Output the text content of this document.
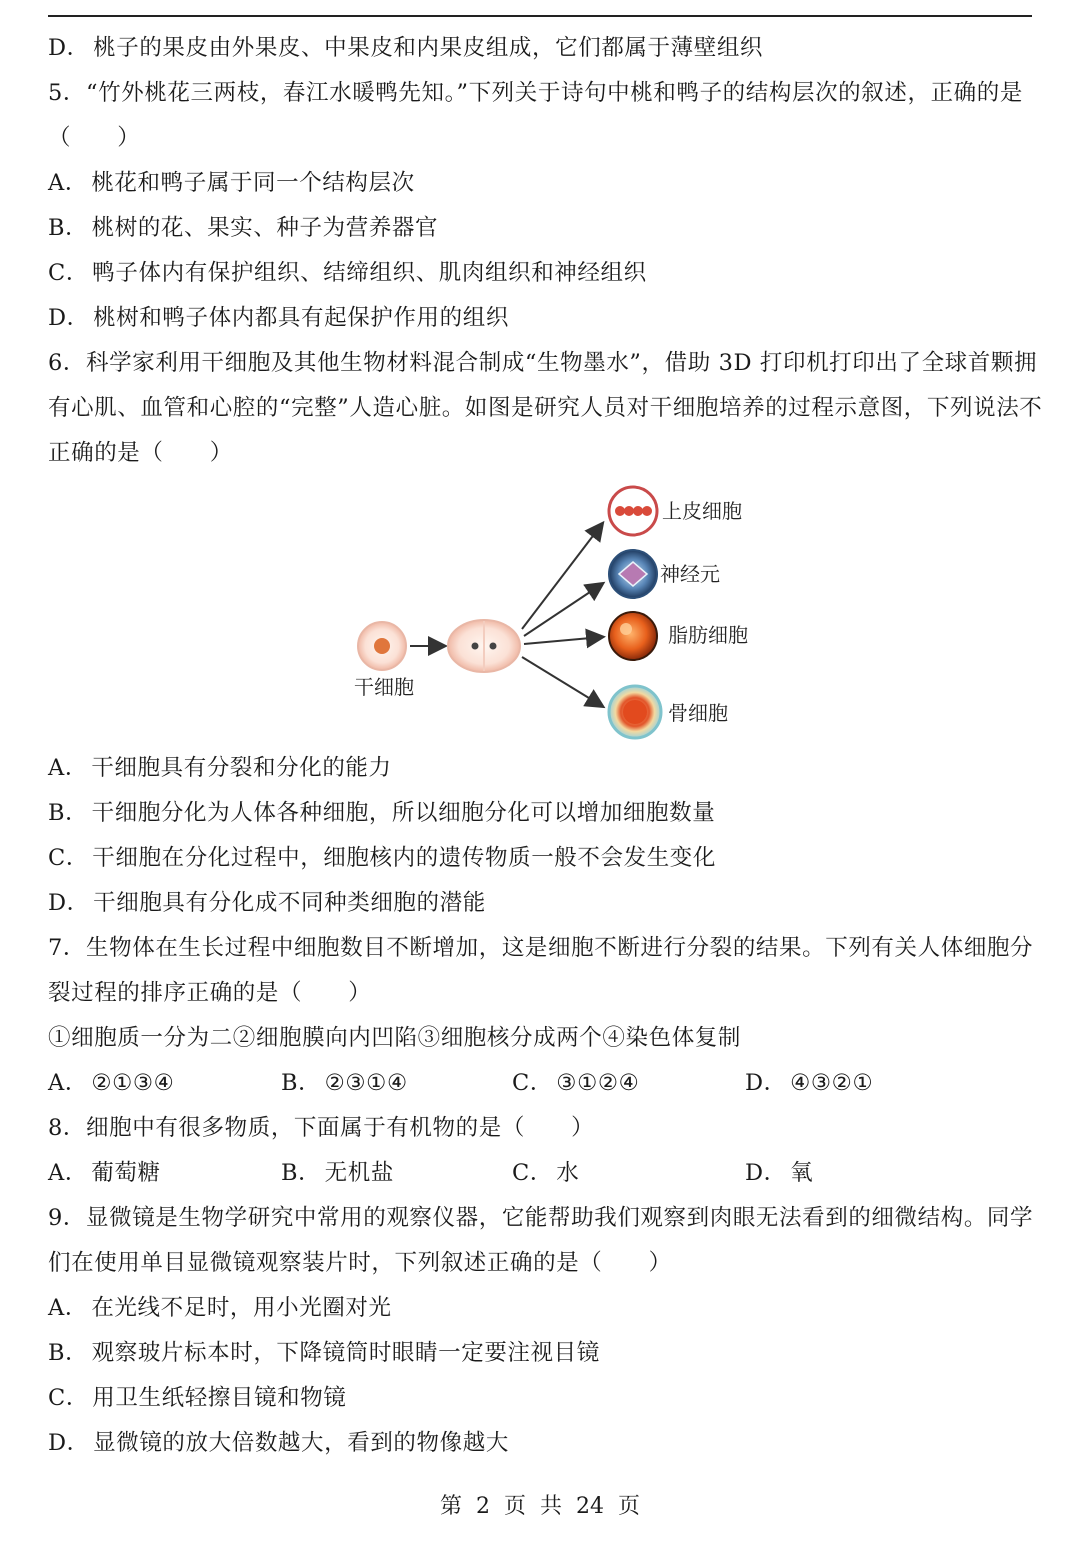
D． 桃子的果皮由外果皮、中果皮和内果皮组成，它们都属于薄壁组织
5．“竹外桃花三两枝，春江水暖鸭先知。”下列关于诗句中桃和鸭子的结构层次的叙述，正确的是
（　　）
A． 桃花和鸭子属于同一个结构层次
B． 桃树的花、果实、种子为营养器官
C． 鸭子体内有保护组织、结缔组织、肌肉组织和神经组织
D． 桃树和鸭子体内都具有起保护作用的组织
6．科学家利用干细胞及其他生物材料混合制成“生物墨水”，借助 3D 打印机打印出了全球首颗拥
有心肌、血管和心腔的“完整”人造心脏。如图是研究人员对干细胞培养的过程示意图，下列说法不
正确的是（　　）
干细胞
上皮细胞
神经元
脂肪细胞
骨细胞
A． 干细胞具有分裂和分化的能力
B． 干细胞分化为人体各种细胞，所以细胞分化可以增加细胞数量
C． 干细胞在分化过程中，细胞核内的遗传物质一般不会发生变化
D． 干细胞具有分化成不同种类细胞的潜能
7．生物体在生长过程中细胞数目不断增加，这是细胞不断进行分裂的结果。下列有关人体细胞分
裂过程的排序正确的是（　　）
①细胞质一分为二②细胞膜向内凹陷③细胞核分成两个④染色体复制
A． ②①③④	B． ②③①④	C． ③①②④	D． ④③②①
8．细胞中有很多物质，下面属于有机物的是（　　）
A． 葡萄糖	B． 无机盐	C． 水	D． 氧
9．显微镜是生物学研究中常用的观察仪器，它能帮助我们观察到肉眼无法看到的细微结构。同学
们在使用单目显微镜观察装片时，下列叙述正确的是（　　）
A． 在光线不足时，用小光圈对光
B． 观察玻片标本时，下降镜筒时眼睛一定要注视目镜
C． 用卫生纸轻擦目镜和物镜
D． 显微镜的放大倍数越大，看到的物像越大
第  2  页  共  24  页
